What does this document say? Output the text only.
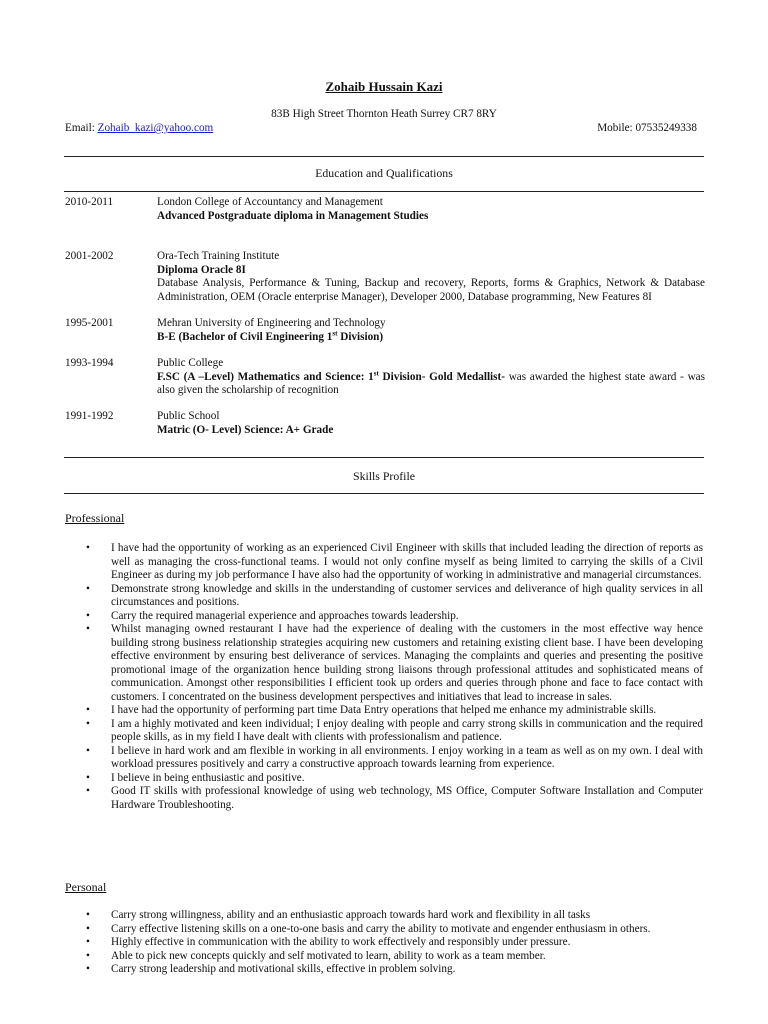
Zohaib Hussain Kazi
83B High Street Thornton Heath Surrey CR7 8RY
Email: Zohaib_kazi@yahoo.com	Mobile: 07535249338
Education and Qualifications
2010-2011	London College of Accountancy and Management
Advanced Postgraduate diploma in Management Studies
2001-2002	Ora-Tech Training Institute
Diploma Oracle 8I
Database Analysis, Performance & Tuning, Backup and recovery, Reports, forms & Graphics, Network & Database Administration, OEM (Oracle enterprise Manager), Developer 2000, Database programming, New Features 8I
1995-2001	Mehran University of Engineering and Technology
B-E (Bachelor of Civil Engineering 1st Division)
1993-1994	Public College
F.SC (A –Level) Mathematics and Science: 1st Division- Gold Medallist- was awarded the highest state award - was also given the scholarship of recognition
1991-1992	Public School
Matric (O- Level) Science: A+ Grade
Skills Profile
Professional
• I have had the opportunity of working as an experienced Civil Engineer with skills that included leading the direction of reports as well as managing the cross-functional teams. I would not only confine myself as being limited to carrying the skills of a Civil Engineer as during my job performance I have also had the opportunity of working in administrative and managerial circumstances.
• Demonstrate strong knowledge and skills in the understanding of customer services and deliverance of high quality services in all circumstances and positions.
• Carry the required managerial experience and approaches towards leadership.
• Whilst managing owned restaurant I have had the experience of dealing with the customers in the most effective way hence building strong business relationship strategies acquiring new customers and retaining existing client base. I have been developing effective environment by ensuring best deliverance of services. Managing the complaints and queries and presenting the positive promotional image of the organization hence building strong liaisons through professional attitudes and sophisticated means of communication. Amongst other responsibilities I efficient took up orders and queries through phone and face to face contact with customers. I concentrated on the business development perspectives and initiatives that lead to increase in sales.
• I have had the opportunity of performing part time Data Entry operations that helped me enhance my administrable skills.
• I am a highly motivated and keen individual; I enjoy dealing with people and carry strong skills in communication and the required people skills, as in my field I have dealt with clients with professionalism and patience.
• I believe in hard work and am flexible in working in all environments. I enjoy working in a team as well as on my own. I deal with workload pressures positively and carry a constructive approach towards learning from experience.
• I believe in being enthusiastic and positive.
• Good IT skills with professional knowledge of using web technology, MS Office, Computer Software Installation and Computer Hardware Troubleshooting.
Personal
• Carry strong willingness, ability and an enthusiastic approach towards hard work and flexibility in all tasks
• Carry effective listening skills on a one-to-one basis and carry the ability to motivate and engender enthusiasm in others.
• Highly effective in communication with the ability to work effectively and responsibly under pressure.
• Able to pick new concepts quickly and self motivated to learn, ability to work as a team member.
• Carry strong leadership and motivational skills, effective in problem solving.
